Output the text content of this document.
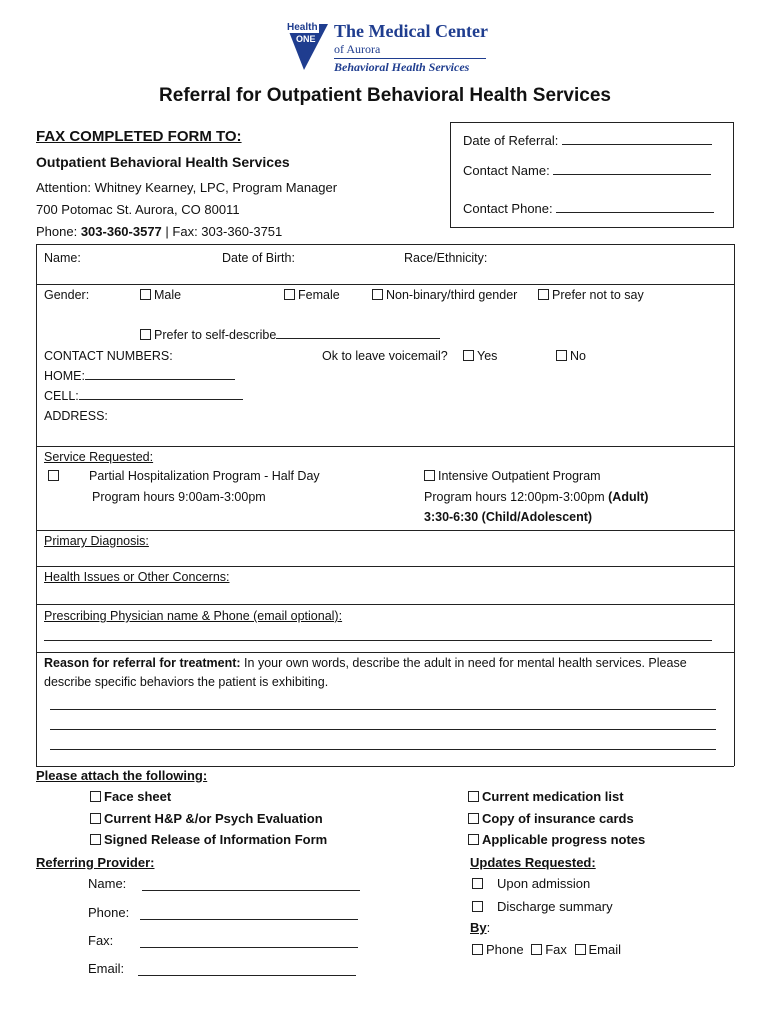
Health
ONE The Medical Center
of Aurora
Behavioral Health Services
Referral for Outpatient Behavioral Health Services
FAX COMPLETED FORM TO:
Outpatient Behavioral Health Services
Attention: Whitney Kearney, LPC, Program Manager
700 Potomac St. Aurora, CO 80011
Phone: 303-360-3577 | Fax: 303-360-3751
Date of Referral:
Contact Name:
Contact Phone:
Name:	Date of Birth:	Race/Ethnicity:
Gender:	Male	Female	Non-binary/third gender	Prefer not to say
Prefer to self-describe
CONTACT NUMBERS:	Ok to leave voicemail?	Yes	No
HOME:
CELL:
ADDRESS:
Service Requested:
Partial Hospitalization Program - Half Day
Program hours 9:00am-3:00pm
Intensive Outpatient Program
Program hours 12:00pm-3:00pm (Adult)
3:30-6:30 (Child/Adolescent)
Primary Diagnosis:
Health Issues or Other Concerns:
Prescribing Physician name & Phone (email optional):
Reason for referral for treatment: In your own words, describe the adult in need for mental health services. Please
describe specific behaviors the patient is exhibiting.
Please attach the following:
Face sheet
Current H&P &/or Psych Evaluation
Signed Release of Information Form
Current medication list
Copy of insurance cards
Applicable progress notes
Referring Provider:
Name:
Phone:
Fax:
Email:
Updates Requested:
Upon admission
Discharge summary
By:
Phone Fax Email
